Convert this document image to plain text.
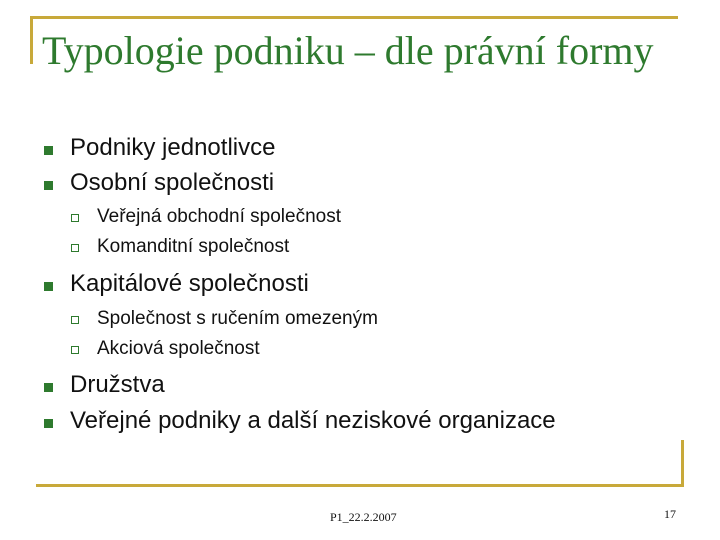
Typologie podniku – dle právní formy
Podniky jednotlivce
Osobní společnosti
Veřejná obchodní společnost
Komanditní společnost
Kapitálové společnosti
Společnost s ručením omezeným
Akciová společnost
Družstva
Veřejné podniky a další neziskové organizace
P1_22.2.2007	17
